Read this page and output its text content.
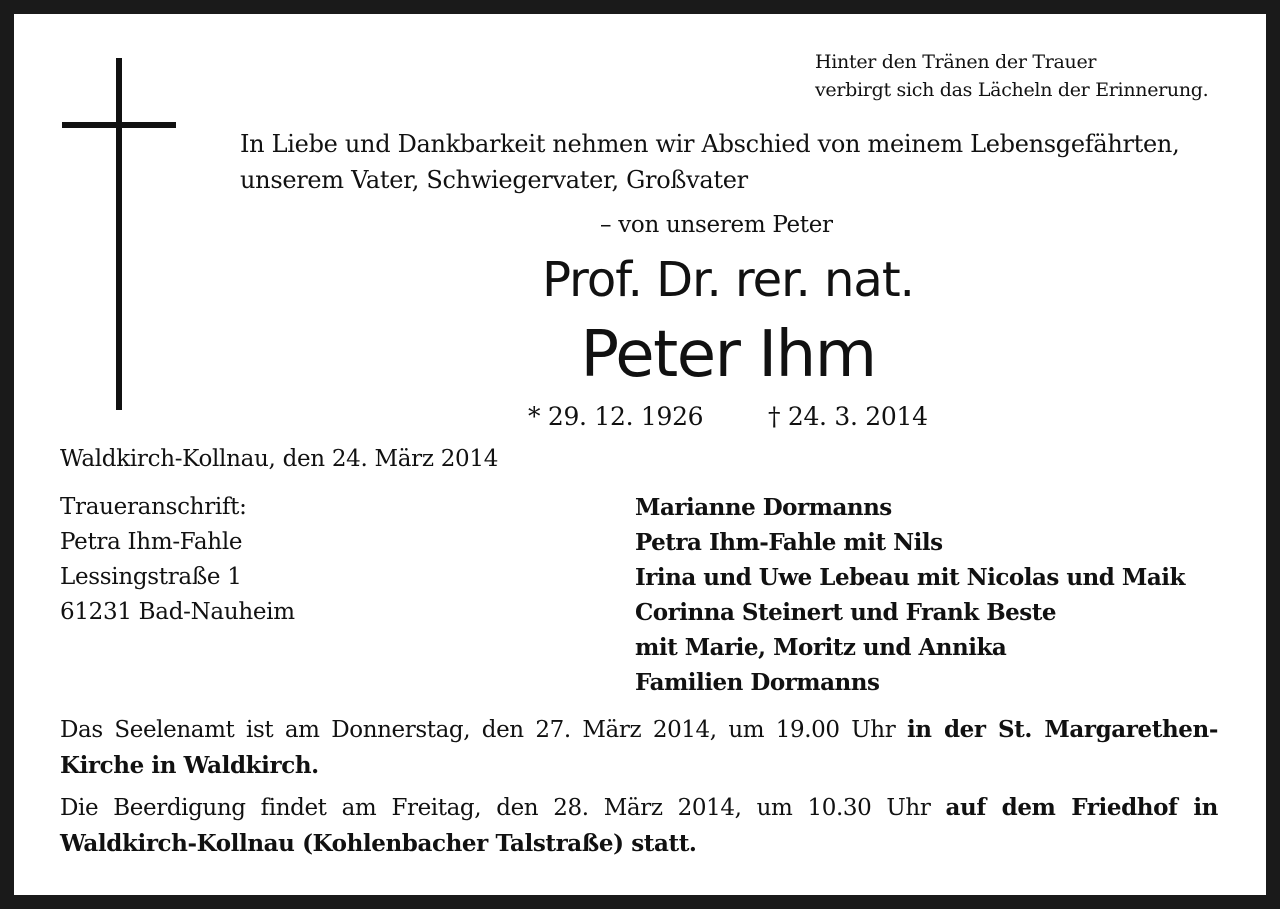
Hinter den Tränen der Trauer
verbirgt sich das Lächeln der Erinnerung.
In Liebe und Dankbarkeit nehmen wir Abschied von meinem Lebensgefährten,
unserem Vater, Schwiegervater, Großvater
– von unserem Peter
Prof. Dr. rer. nat.
Peter Ihm
* 29. 12. 1926	† 24. 3. 2014
Waldkirch-Kollnau, den 24. März 2014
Traueranschrift:
Petra Ihm-Fahle
Lessingstraße 1
61231 Bad-Nauheim
Marianne Dormanns
Petra Ihm-Fahle mit Nils
Irina und Uwe Lebeau mit Nicolas und Maik
Corinna Steinert und Frank Beste
mit Marie, Moritz und Annika
Familien Dormanns
Das Seelenamt ist am Donnerstag, den 27. März 2014, um 19.00 Uhr in der St. Margarethen-Kirche in Waldkirch.
Die Beerdigung findet am Freitag, den 28. März 2014, um 10.30 Uhr auf dem Friedhof in Waldkirch-Kollnau (Kohlenbacher Talstraße) statt.
